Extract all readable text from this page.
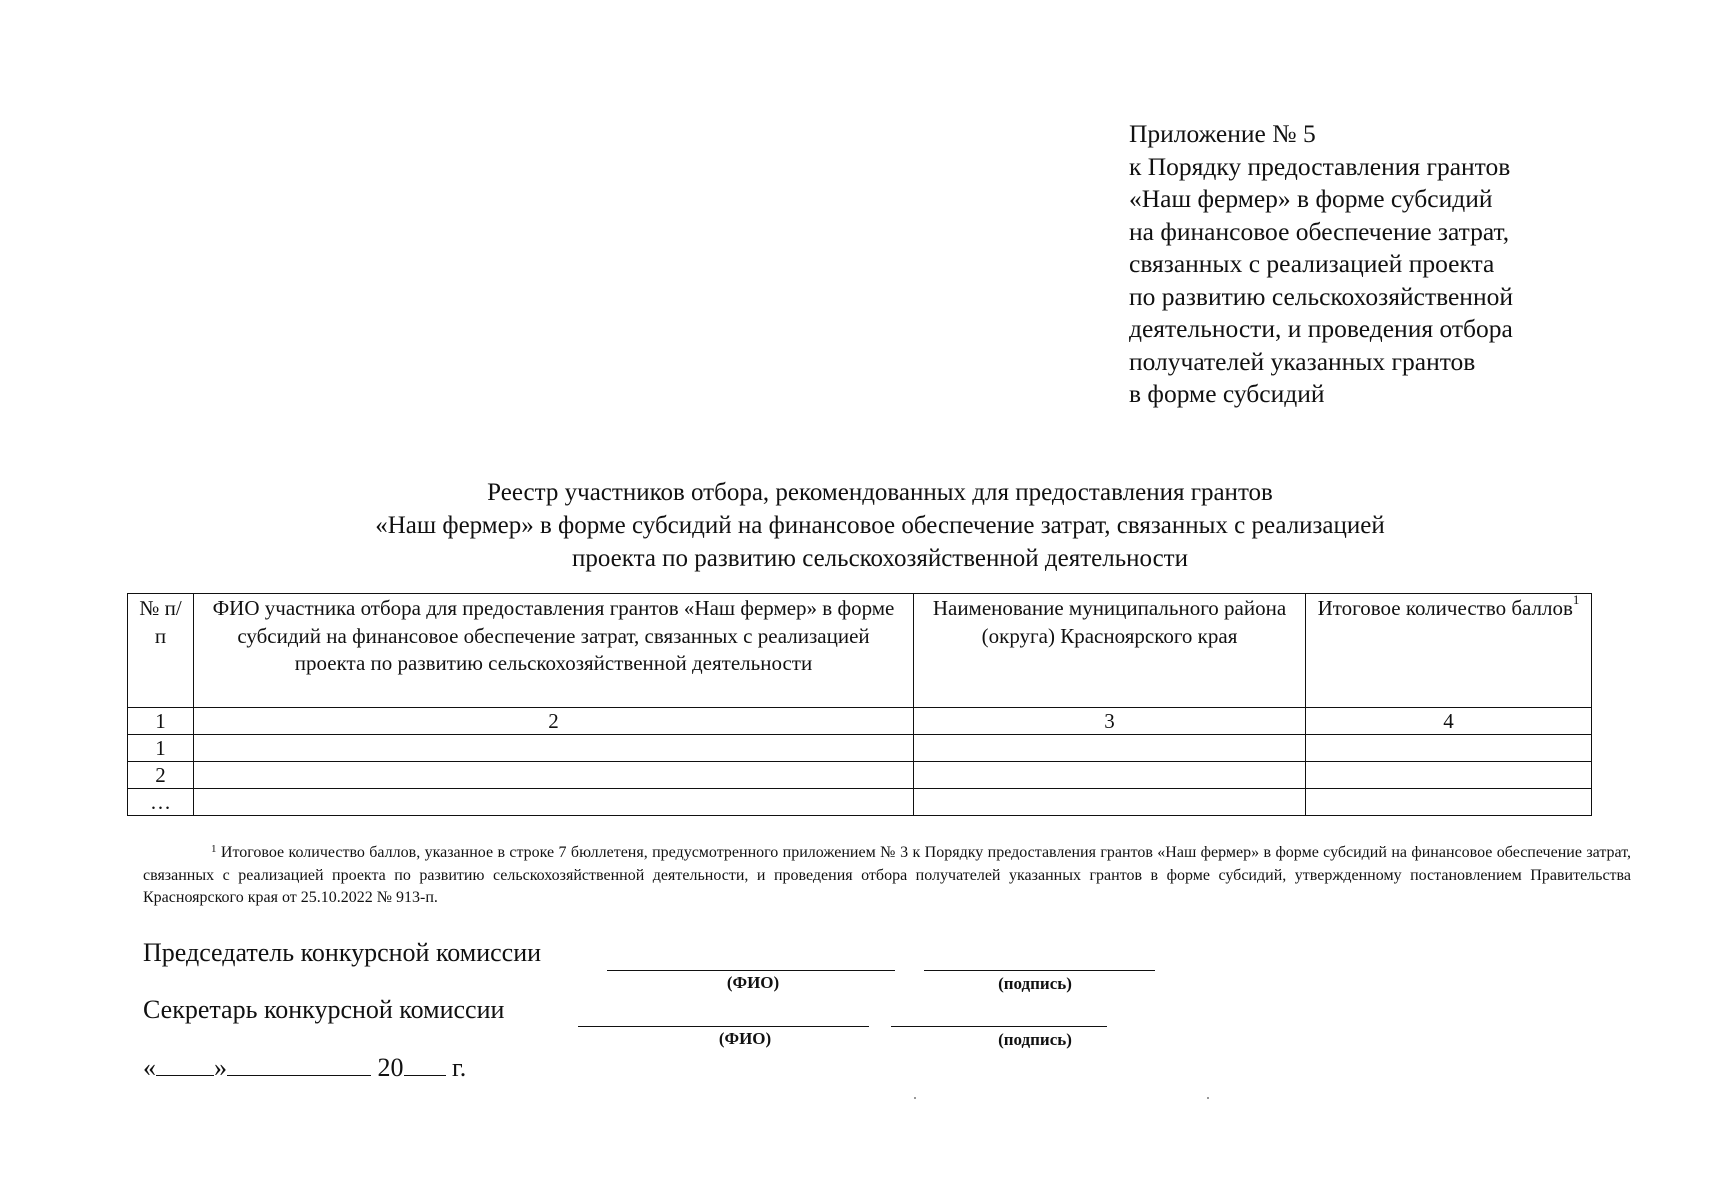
Приложение № 5
к Порядку предоставления грантов
«Наш фермер» в форме субсидий
на финансовое обеспечение затрат,
связанных с реализацией проекта
по развитию сельскохозяйственной
деятельности, и проведения отбора
получателей указанных грантов
в форме субсидий
Реестр участников отбора, рекомендованных для предоставления грантов
«Наш фермер» в форме субсидий на финансовое обеспечение затрат, связанных с реализацией
проекта по развитию сельскохозяйственной деятельности
№ п/п	ФИО участника отбора для предоставления грантов «Наш фермер» в форме субсидий на финансовое обеспечение затрат, связанных с реализацией проекта по развитию сельскохозяйственной деятельности	Наименование муниципального района (округа) Красноярского края	Итоговое количество баллов$^1$
1	2	3	4
1			
2			
…			
$^1$ Итоговое количество баллов, указанное в строке 7 бюллетеня, предусмотренного приложением № 3 к Порядку предоставления грантов «Наш фермер» в форме субсидий на финансовое обеспечение затрат, связанных с реализацией проекта по развитию сельскохозяйственной деятельности, и проведения отбора получателей указанных грантов в форме субсидий, утвержденному постановлением Правительства Красноярского края от 25.10.2022 № 913-п.
Председатель конкурсной комиссии
(ФИО)	(подпись)
Секретарь конкурсной комиссии
(ФИО)	(подпись)
« »	20 г.
